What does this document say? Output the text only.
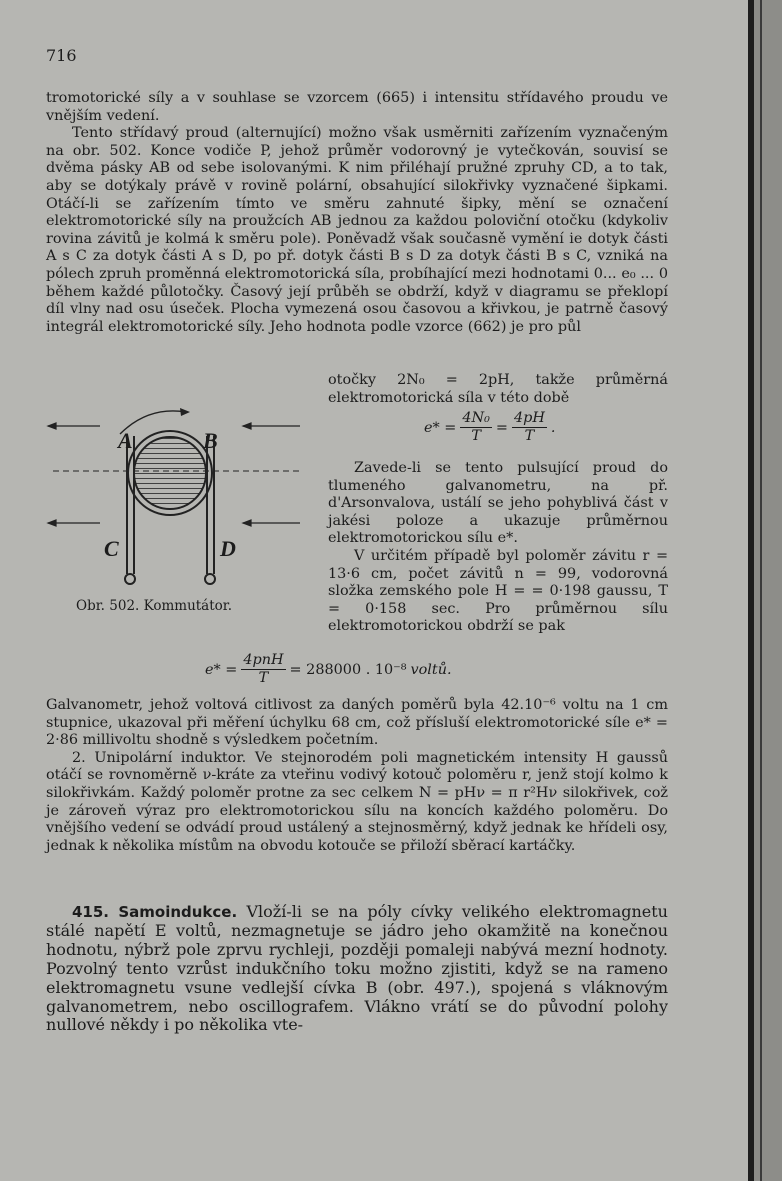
716

tromotorické síly a v souhlase se vzorcem (665) i intensitu střídavého proudu ve vnějším vedení.

Tento střídavý proud (alternující) možno však usměrniti zařízením vyznačeným na obr. 502. Konce vodiče P, jehož průměr vodorovný je vytečkován, souvisí se dvěma pásky AB od sebe isolovanými. K nim přiléhají pružné zpruhy CD, a to tak, aby se dotýkaly právě v rovině polární, obsahující silokřivky vyznačené šipkami. Otáčí-li se zařízením tímto ve směru zahnuté šipky, mění se označení elektromotorické síly na proužcích AB jednou za každou poloviční otočku (kdykoliv rovina závitů je kolmá k směru pole). Poněvadž však současně vymění ie dotyk části A s C za dotyk části A s D, po př. dotyk části B s D za dotyk části B s C, vzniká na pólech zpruh proměnná elektromotorická síla, probíhající mezi hodnotami 0... e₀ ... 0 během každé půlotočky. Časový její průběh se obdrží, když v diagramu se překlopí díl vlny nad osu úseček. Plocha vymezená osou časovou a křivkou, je patrně časový integrál elektromotorické síly. Jeho hodnota podle vzorce (662) je pro půl

otočky 2N₀ = 2pH, takže průměrná elektromotorická síla v této době

$e* = \frac{\text{4N₀}}{T} = \frac{4pH}{T}$ .

Zavede-li se tento pulsující proud do tlumeného galvanometru, na př. d'Arsonvalova, ustálí se jeho pohyblivá část v jakési poloze a ukazuje průměrnou elektromotorickou sílu e*.

V určitém případě byl poloměr závitu r = 13·6 cm, počet závitů n = 99, vodorovná složka zemského pole H = = 0·198 gaussu, T = 0·158 sec. Pro průměrnou sílu elektromotorickou obdrží se pak

A	B
C	D
Obr. 502. Kommutátor.
$e* = \frac{\text{4pnH}}{T} = 288000$ . 10⁻⁸ voltů.

Galvanometr, jehož voltová citlivost za daných poměrů byla 42.10⁻⁶ voltu na 1 cm stupnice, ukazoval při měření úchylku 68 cm, což přísluší elektromotorické síle e* = 2·86 millivoltu shodně s výsledkem početním.

2. Unipolární induktor. Ve stejnorodém poli magnetickém intensity H gaussů otáčí se rovnoměrně ν-kráte za vteřinu vodivý kotouč poloměru r, jenž stojí kolmo k silokřivkám. Každý poloměr protne za sec celkem N = pHν = π r²Hν silokřivek, což je zároveň výraz pro elektromotorickou sílu na koncích každého poloměru. Do vnějšího vedení se odvádí proud ustálený a stejnosměrný, když jednak ke hřídeli osy, jednak k několika místům na obvodu kotouče se přiloží sběrací kartáčky.

415. Samoindukce. Vloží-li se na póly cívky velikého elektromagnetu stálé napětí E voltů, nezmagnetuje se jádro jeho okamžitě na konečnou hodnotu, nýbrž pole zprvu rychleji, později pomaleji nabývá mezní hodnoty. Pozvolný tento vzrůst indukčního toku možno zjistiti, když se na rameno elektromagnetu vsune vedlejší cívka B (obr. 497.), spojená s vláknovým galvanometrem, nebo oscillografem. Vlákno vrátí se do původní polohy nullové někdy i po několika vte-
